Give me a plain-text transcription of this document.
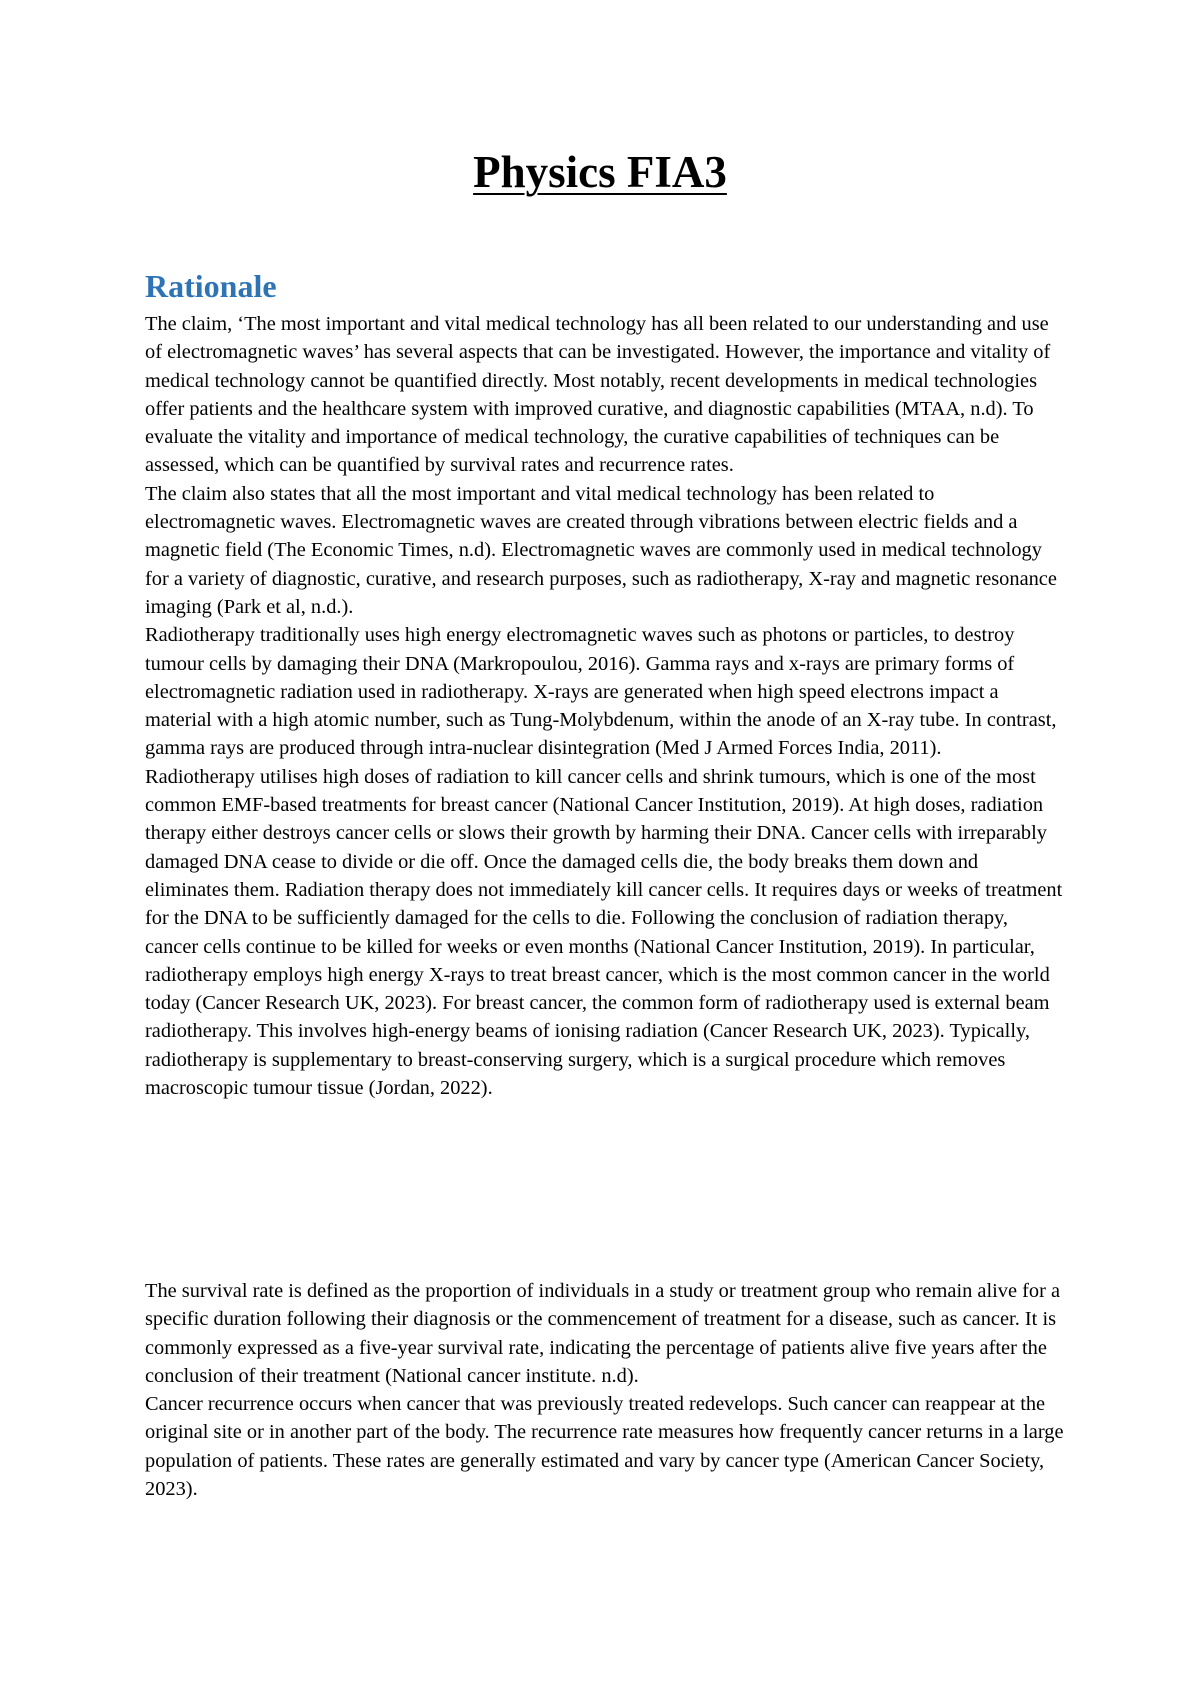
Physics FIA3
Rationale

The claim, ‘The most important and vital medical technology has all been related to our understanding and use of electromagnetic waves’ has several aspects that can be investigated. However, the importance and vitality of medical technology cannot be quantified directly. Most notably, recent developments in medical technologies offer patients and the healthcare system with improved curative, and diagnostic capabilities (MTAA, n.d). To evaluate the vitality and importance of medical technology, the curative capabilities of techniques can be assessed, which can be quantified by survival rates and recurrence rates.

The claim also states that all the most important and vital medical technology has been related to electromagnetic waves. Electromagnetic waves are created through vibrations between electric fields and a magnetic field (The Economic Times, n.d). Electromagnetic waves are commonly used in medical technology for a variety of diagnostic, curative, and research purposes, such as radiotherapy, X-ray and magnetic resonance imaging (Park et al, n.d.).

Radiotherapy traditionally uses high energy electromagnetic waves such as photons or particles, to destroy tumour cells by damaging their DNA (Markropoulou, 2016). Gamma rays and x-rays are primary forms of electromagnetic radiation used in radiotherapy. X-rays are generated when high speed electrons impact a material with a high atomic number, such as Tung-Molybdenum, within the anode of an X-ray tube. In contrast, gamma rays are produced through intra-nuclear disintegration (Med J Armed Forces India, 2011).

Radiotherapy utilises high doses of radiation to kill cancer cells and shrink tumours, which is one of the most common EMF-based treatments for breast cancer (National Cancer Institution, 2019). At high doses, radiation therapy either destroys cancer cells or slows their growth by harming their DNA. Cancer cells with irreparably damaged DNA cease to divide or die off. Once the damaged cells die, the body breaks them down and eliminates them. Radiation therapy does not immediately kill cancer cells. It requires days or weeks of treatment for the DNA to be sufficiently damaged for the cells to die. Following the conclusion of radiation therapy, cancer cells continue to be killed for weeks or even months (National Cancer Institution, 2019). In particular, radiotherapy employs high energy X-rays to treat breast cancer, which is the most common cancer in the world today (Cancer Research UK, 2023). For breast cancer, the common form of radiotherapy used is external beam radiotherapy. This involves high-energy beams of ionising radiation (Cancer Research UK, 2023). Typically, radiotherapy is supplementary to breast-conserving surgery, which is a surgical procedure which removes macroscopic tumour tissue (Jordan, 2022).

The survival rate is defined as the proportion of individuals in a study or treatment group who remain alive for a specific duration following their diagnosis or the commencement of treatment for a disease, such as cancer. It is commonly expressed as a five-year survival rate, indicating the percentage of patients alive five years after the conclusion of their treatment (National cancer institute. n.d).

Cancer recurrence occurs when cancer that was previously treated redevelops. Such cancer can reappear at the original site or in another part of the body. The recurrence rate measures how frequently cancer returns in a large population of patients. These rates are generally estimated and vary by cancer type (American Cancer Society, 2023).
